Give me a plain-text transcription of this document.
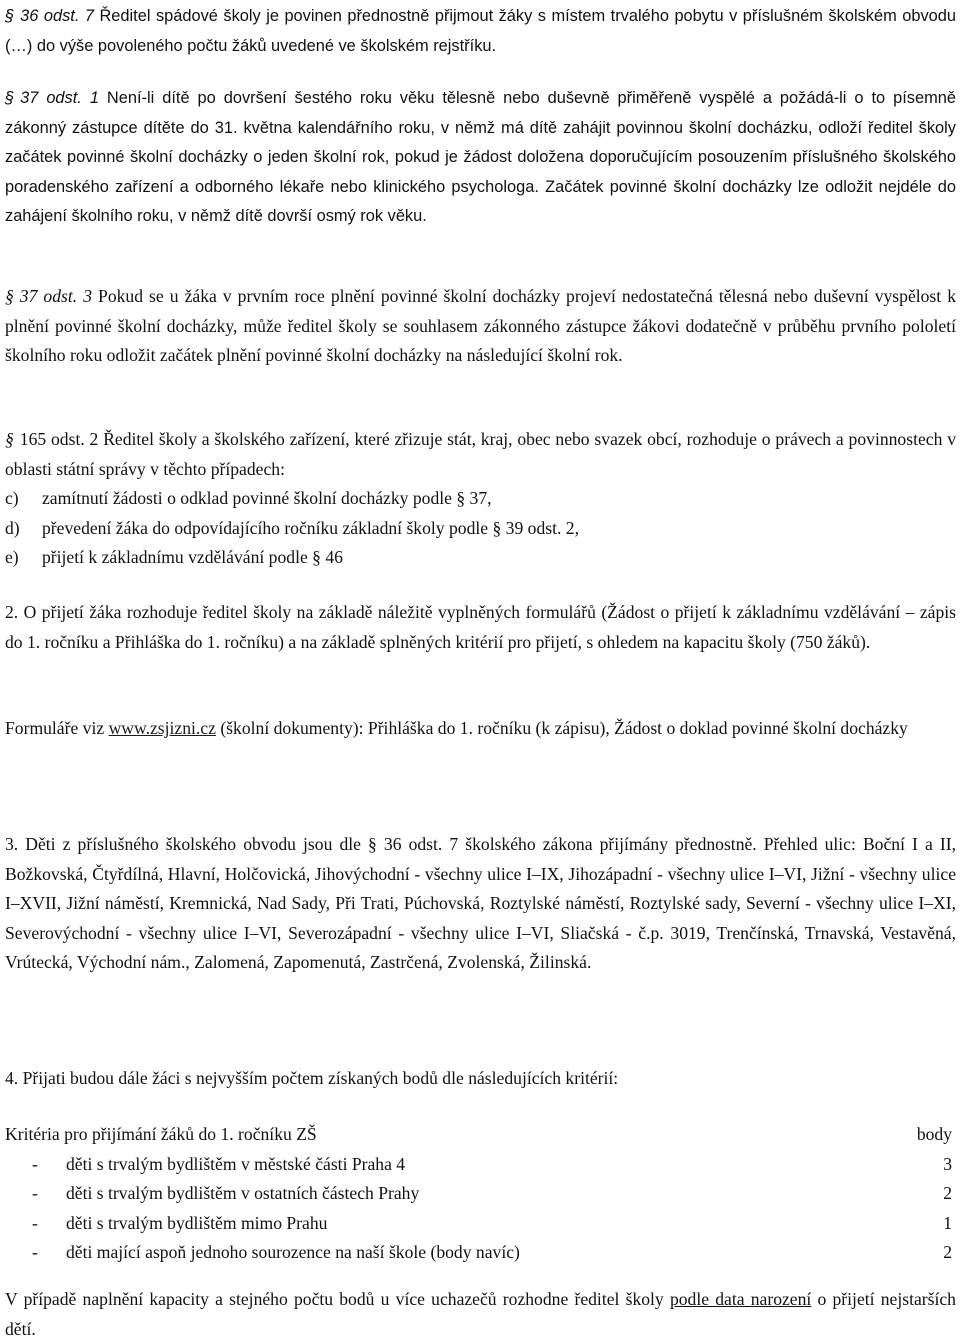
§ 36 odst. 7 Ředitel spádové školy je povinen přednostně přijmout žáky s místem trvalého pobytu v příslušném školském obvodu (…) do výše povoleného počtu žáků uvedené ve školském rejstříku.

§ 37 odst. 1 Není-li dítě po dovršení šestého roku věku tělesně nebo duševně přiměřeně vyspělé a požádá-li o to písemně zákonný zástupce dítěte do 31. května kalendářního roku, v němž má dítě zahájit povinnou školní docházku, odloží ředitel školy začátek povinné školní docházky o jeden školní rok, pokud je žádost doložena doporučujícím posouzením příslušného školského poradenského zařízení a odborného lékaře nebo klinického psychologa. Začátek povinné školní docházky lze odložit nejdéle do zahájení školního roku, v němž dítě dovrší osmý rok věku.

§ 37 odst. 3 Pokud se u žáka v prvním roce plnění povinné školní docházky projeví nedostatečná tělesná nebo duševní vyspělost k plnění povinné školní docházky, může ředitel školy se souhlasem zákonného zástupce žákovi dodatečně v průběhu prvního pololetí školního roku odložit začátek plnění povinné školní docházky na následující školní rok.

§ 165 odst. 2 Ředitel školy a školského zařízení, které zřizuje stát, kraj, obec nebo svazek obcí, rozhoduje o právech a povinnostech v oblasti státní správy v těchto případech:

c)	zamítnutí žádosti o odklad povinné školní docházky podle § 37,
d)	převedení žáka do odpovídajícího ročníku základní školy podle § 39 odst. 2,
e)	přijetí k základnímu vzdělávání podle § 46

2. O přijetí žáka rozhoduje ředitel školy na základě náležitě vyplněných formulářů (Žádost o přijetí k základnímu vzdělávání – zápis do 1. ročníku a Přihláška do 1. ročníku) a na základě splněných kritérií pro přijetí, s ohledem na kapacitu školy (750 žáků).

Formuláře viz www.zsjizni.cz (školní dokumenty): Přihláška do 1. ročníku (k zápisu), Žádost o doklad povinné školní docházky

3. Děti z příslušného školského obvodu jsou dle § 36 odst. 7 školského zákona přijímány přednostně. Přehled ulic: Boční I a II, Božkovská, Čtyřdílná, Hlavní, Holčovická, Jihovýchodní - všechny ulice I–IX, Jihozápadní - všechny ulice I–VI, Jižní - všechny ulice I–XVII, Jižní náměstí, Kremnická, Nad Sady, Při Trati, Púchovská, Roztylské náměstí, Roztylské sady, Severní - všechny ulice I–XI, Severovýchodní - všechny ulice I–VI, Severozápadní - všechny ulice I–VI, Sliačská - č.p. 3019, Trenčínská, Trnavská, Vestavěná, Vrútecká, Východní nám., Zalomená, Zapomenutá, Zastrčená, Zvolenská, Žilinská.

4. Přijati budou dále žáci s nejvyšším počtem získaných bodů dle následujících kritérií:

Kritéria pro přijímání žáků do 1. ročníku ZŠ		body
-	děti s trvalým bydlištěm v městské části Praha 4	3
-	děti s trvalým bydlištěm v ostatních částech Prahy	2
-	děti s trvalým bydlištěm mimo Prahu	1
-	děti mající aspoň jednoho sourozence na naší škole (body navíc)	2

V případě naplnění kapacity a stejného počtu bodů u více uchazečů rozhodne ředitel školy podle data narození o přijetí nejstarších dětí.
